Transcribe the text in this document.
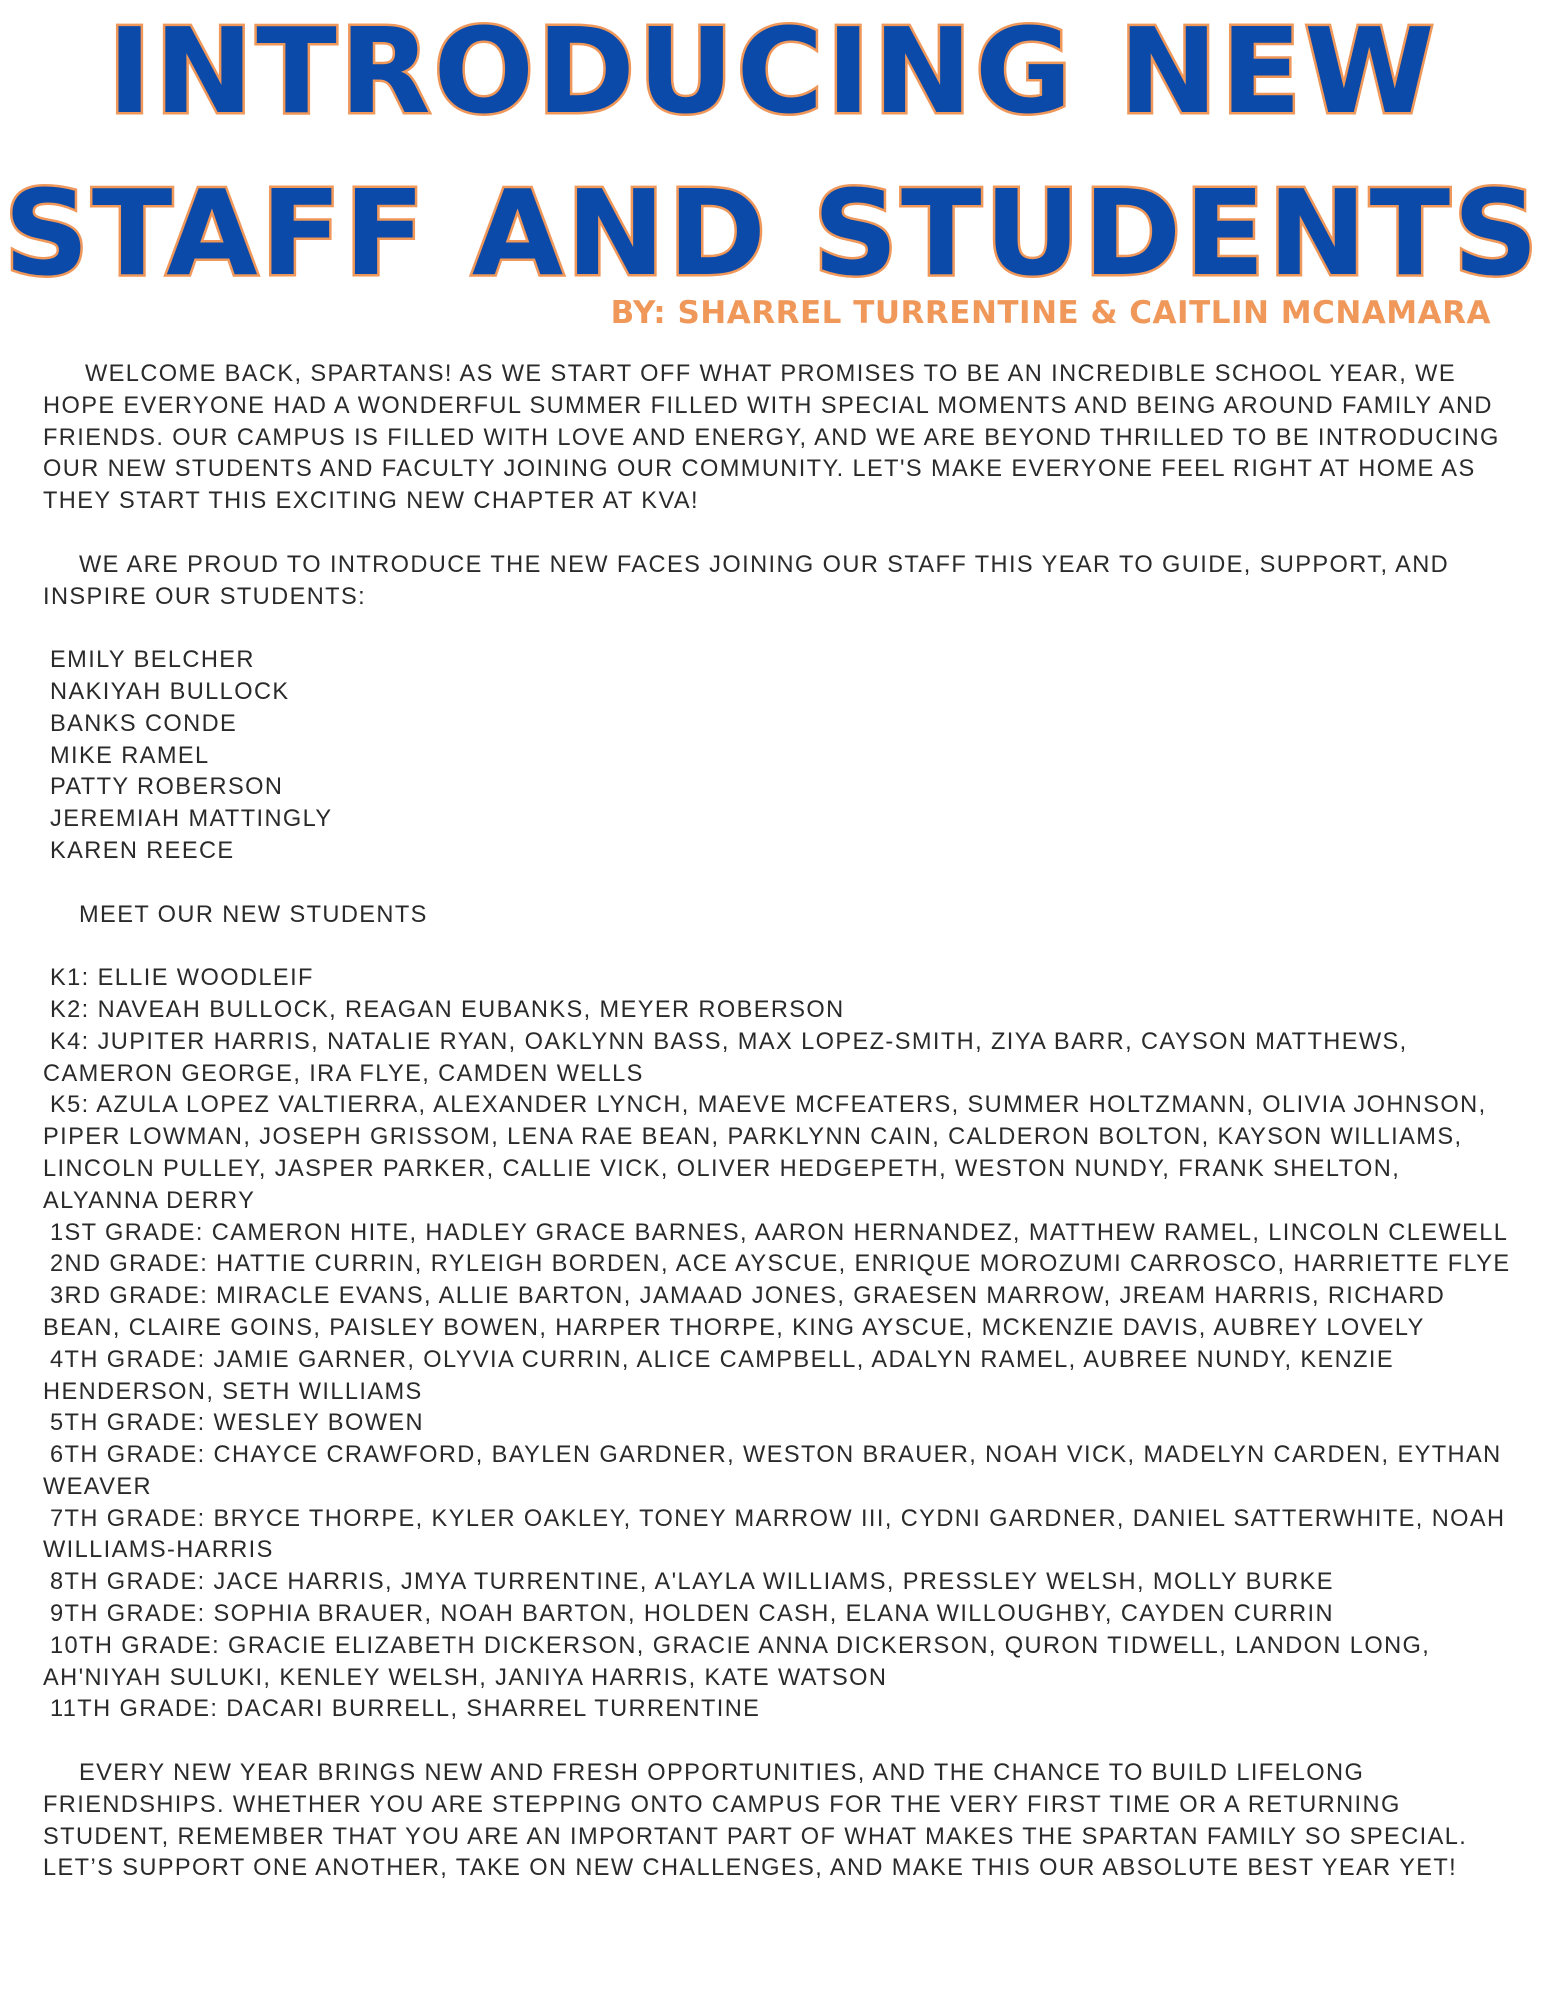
INTRODUCING NEW
STAFF AND STUDENTS
BY: SHARREL TURRENTINE & CAITLIN MCNAMARA

WELCOME BACK, SPARTANS! AS WE START OFF WHAT PROMISES TO BE AN INCREDIBLE SCHOOL YEAR, WE HOPE EVERYONE HAD A WONDERFUL SUMMER FILLED WITH SPECIAL MOMENTS AND BEING AROUND FAMILY AND FRIENDS. OUR CAMPUS IS FILLED WITH LOVE AND ENERGY, AND WE ARE BEYOND THRILLED TO BE INTRODUCING OUR NEW STUDENTS AND FACULTY JOINING OUR COMMUNITY. LET'S MAKE EVERYONE FEEL RIGHT AT HOME AS THEY START THIS EXCITING NEW CHAPTER AT KVA!

WE ARE PROUD TO INTRODUCE THE NEW FACES JOINING OUR STAFF THIS YEAR TO GUIDE, SUPPORT, AND INSPIRE OUR STUDENTS:

EMILY BELCHER

NAKIYAH BULLOCK

BANKS CONDE

MIKE RAMEL

PATTY ROBERSON

JEREMIAH MATTINGLY

KAREN REECE

MEET OUR NEW STUDENTS

K1: ELLIE WOODLEIF

K2: NAVEAH BULLOCK, REAGAN EUBANKS, MEYER ROBERSON

K4: JUPITER HARRIS, NATALIE RYAN, OAKLYNN BASS, MAX LOPEZ-SMITH, ZIYA BARR, CAYSON MATTHEWS, CAMERON GEORGE, IRA FLYE, CAMDEN WELLS

K5: AZULA LOPEZ VALTIERRA, ALEXANDER LYNCH, MAEVE MCFEATERS, SUMMER HOLTZMANN, OLIVIA JOHNSON, PIPER LOWMAN, JOSEPH GRISSOM, LENA RAE BEAN, PARKLYNN CAIN, CALDERON BOLTON, KAYSON WILLIAMS, LINCOLN PULLEY, JASPER PARKER, CALLIE VICK, OLIVER HEDGEPETH, WESTON NUNDY, FRANK SHELTON, ALYANNA DERRY

1ST GRADE: CAMERON HITE, HADLEY GRACE BARNES, AARON HERNANDEZ, MATTHEW RAMEL, LINCOLN CLEWELL

2ND GRADE: HATTIE CURRIN, RYLEIGH BORDEN, ACE AYSCUE, ENRIQUE MOROZUMI CARROSCO, HARRIETTE FLYE

3RD GRADE: MIRACLE EVANS, ALLIE BARTON, JAMAAD JONES, GRAESEN MARROW, JREAM HARRIS, RICHARD BEAN, CLAIRE GOINS, PAISLEY BOWEN, HARPER THORPE, KING AYSCUE, MCKENZIE DAVIS, AUBREY LOVELY

4TH GRADE: JAMIE GARNER, OLYVIA CURRIN, ALICE CAMPBELL, ADALYN RAMEL, AUBREE NUNDY, KENZIE HENDERSON, SETH WILLIAMS

5TH GRADE: WESLEY BOWEN

6TH GRADE: CHAYCE CRAWFORD, BAYLEN GARDNER, WESTON BRAUER, NOAH VICK, MADELYN CARDEN, EYTHAN WEAVER

7TH GRADE: BRYCE THORPE, KYLER OAKLEY, TONEY MARROW III, CYDNI GARDNER, DANIEL SATTERWHITE, NOAH WILLIAMS-HARRIS

8TH GRADE: JACE HARRIS, JMYA TURRENTINE, A'LAYLA WILLIAMS, PRESSLEY WELSH, MOLLY BURKE

9TH GRADE: SOPHIA BRAUER, NOAH BARTON, HOLDEN CASH, ELANA WILLOUGHBY, CAYDEN CURRIN

10TH GRADE: GRACIE ELIZABETH DICKERSON, GRACIE ANNA DICKERSON, QURON TIDWELL, LANDON LONG, AH'NIYAH SULUKI, KENLEY WELSH, JANIYA HARRIS, KATE WATSON

11TH GRADE: DACARI BURRELL, SHARREL TURRENTINE

EVERY NEW YEAR BRINGS NEW AND FRESH OPPORTUNITIES, AND THE CHANCE TO BUILD LIFELONG FRIENDSHIPS. WHETHER YOU ARE STEPPING ONTO CAMPUS FOR THE VERY FIRST TIME OR A RETURNING STUDENT, REMEMBER THAT YOU ARE AN IMPORTANT PART OF WHAT MAKES THE SPARTAN FAMILY SO SPECIAL. LET’S SUPPORT ONE ANOTHER, TAKE ON NEW CHALLENGES, AND MAKE THIS OUR ABSOLUTE BEST YEAR YET!
